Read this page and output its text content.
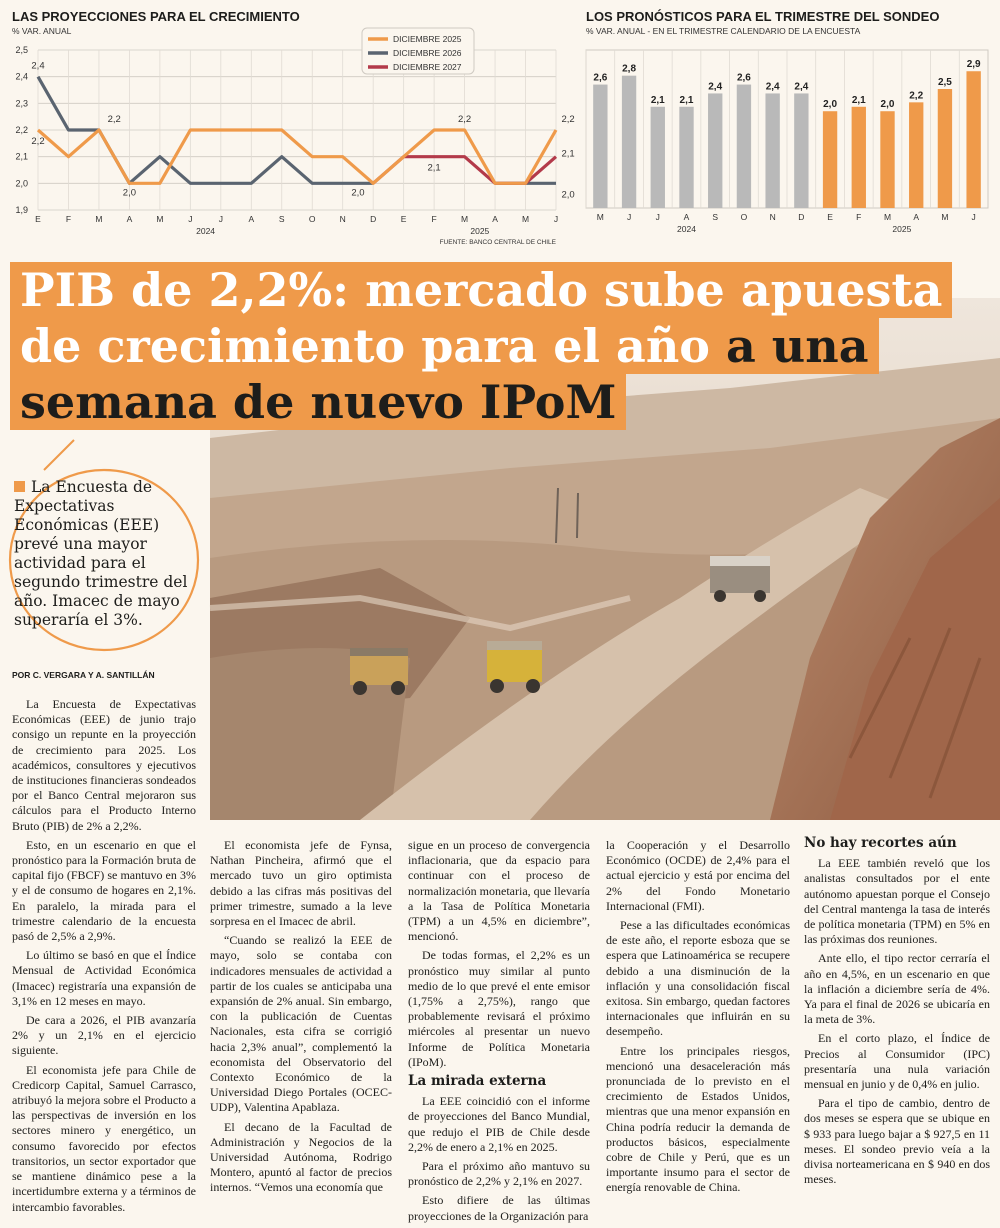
LAS PROYECCIONES PARA EL CRECIMIENTO
% VAR. ANUAL
2,5
2,4
2,3
2,2
2,1
2,0
1,9
E	F	M	A	M	J	J	A	S	O	N	D	E	F	M	A	M	J
2024	2025
FUENTE: BANCO CENTRAL DE CHILE
2,4
2,2
2,2
2,0	2,0
2,1
2,2	2,2
2,1
2,0
DICIEMBRE 2025
DICIEMBRE 2026
DICIEMBRE 2027
LOS PRONÓSTICOS PARA EL TRIMESTRE DEL SONDEO
% VAR. ANUAL - EN EL TRIMESTRE CALENDARIO DE LA ENCUESTA
2,6
M
2,8
J
2,1
J
2,1
A
2,4
S
2,6
O
2,4
N
2,4
D
2,0
E
2,1
F
2,0
M
2,2
A
2,5
M
2,9
J
2024	2025
PIB de 2,2%: mercado sube apuesta de crecimiento para el año a una semana de nuevo IPoM
La Encuesta de Expectativas Económicas (EEE) prevé una mayor actividad para el segundo trimestre del año. Imacec de mayo superaría el 3%.
POR C. VERGARA Y A. SANTILLÁN

La Encuesta de Expectativas Económicas (EEE) de junio trajo consigo un repunte en la proyección de crecimiento para 2025. Los académicos, consultores y ejecutivos de instituciones financieras sondeados por el Banco Central mejoraron sus cálculos para el Producto Interno Bruto (PIB) de 2% a 2,2%.

Esto, en un escenario en que el pronóstico para la Formación bruta de capital fijo (FBCF) se mantuvo en 3% y el de consumo de hogares en 2,1%. En paralelo, la mirada para el trimestre calendario de la encuesta pasó de 2,5% a 2,9%.

Lo último se basó en que el Índice Mensual de Actividad Económica (Imacec) registraría una expansión de 3,1% en 12 meses en mayo.

De cara a 2026, el PIB avanzaría 2% y un 2,1% en el ejercicio siguiente.

El economista jefe para Chile de Credicorp Capital, Samuel Carrasco, atribuyó la mejora sobre el Producto a las perspectivas de inversión en los sectores minero y energético, un consumo favorecido por efectos transitorios, un sector exportador que se mantiene dinámico pese a la incertidumbre externa y a términos de intercambio favorables.

El economista jefe de Fynsa, Nathan Pincheira, afirmó que el mercado tuvo un giro optimista debido a las cifras más positivas del primer trimestre, sumado a la leve sorpresa en el Imacec de abril.

“Cuando se realizó la EEE de mayo, solo se contaba con indicadores mensuales de actividad a partir de los cuales se anticipaba una expansión de 2% anual. Sin embargo, con la publicación de Cuentas Nacionales, esta cifra se corrigió hacia 2,3% anual”, complementó la economista del Observatorio del Contexto Económico de la Universidad Diego Portales (OCEC-UDP), Valentina Apablaza.

El decano de la Facultad de Administración y Negocios de la Universidad Autónoma, Rodrigo Montero, apuntó al factor de precios internos. “Vemos una economía que

sigue en un proceso de convergencia inflacionaria, que da espacio para continuar con el proceso de normalización monetaria, que llevaría a la Tasa de Política Monetaria (TPM) a un 4,5% en diciembre”, mencionó.

De todas formas, el 2,2% es un pronóstico muy similar al punto medio de lo que prevé el ente emisor (1,75% a 2,75%), rango que probablemente revisará el próximo miércoles al presentar un nuevo Informe de Política Monetaria (IPoM).

La mirada externa

La EEE coincidió con el informe de proyecciones del Banco Mundial, que redujo el PIB de Chile desde 2,2% de enero a 2,1% en 2025.

Para el próximo año mantuvo su pronóstico de 2,2% y 2,1% en 2027.

Esto difiere de las últimas proyecciones de la Organización para

la Cooperación y el Desarrollo Económico (OCDE) de 2,4% para el actual ejercicio y está por encima del 2% del Fondo Monetario Internacional (FMI).

Pese a las dificultades económicas de este año, el reporte esboza que se espera que Latinoamérica se recupere debido a una disminución de la inflación y una consolidación fiscal exitosa. Sin embargo, quedan factores internacionales que influirán en su desempeño.

Entre los principales riesgos, mencionó una desaceleración más pronunciada de lo previsto en el crecimiento de Estados Unidos, mientras que una menor expansión en China podría reducir la demanda de productos básicos, especialmente cobre de Chile y Perú, que es un importante insumo para el sector de energía renovable de China.

No hay recortes aún

La EEE también reveló que los analistas consultados por el ente autónomo apuestan porque el Consejo del Central mantenga la tasa de interés de política monetaria (TPM) en 5% en las próximas dos reuniones.

Ante ello, el tipo rector cerraría el año en 4,5%, en un escenario en que la inflación a diciembre sería de 4%. Ya para el final de 2026 se ubicaría en la meta de 3%.

En el corto plazo, el Índice de Precios al Consumidor (IPC) presentaría una nula variación mensual en junio y de 0,4% en julio.

Para el tipo de cambio, dentro de dos meses se espera que se ubique en $ 933 para luego bajar a $ 927,5 en 11 meses. El sondeo previo veía a la divisa norteamericana en $ 940 en dos meses.
